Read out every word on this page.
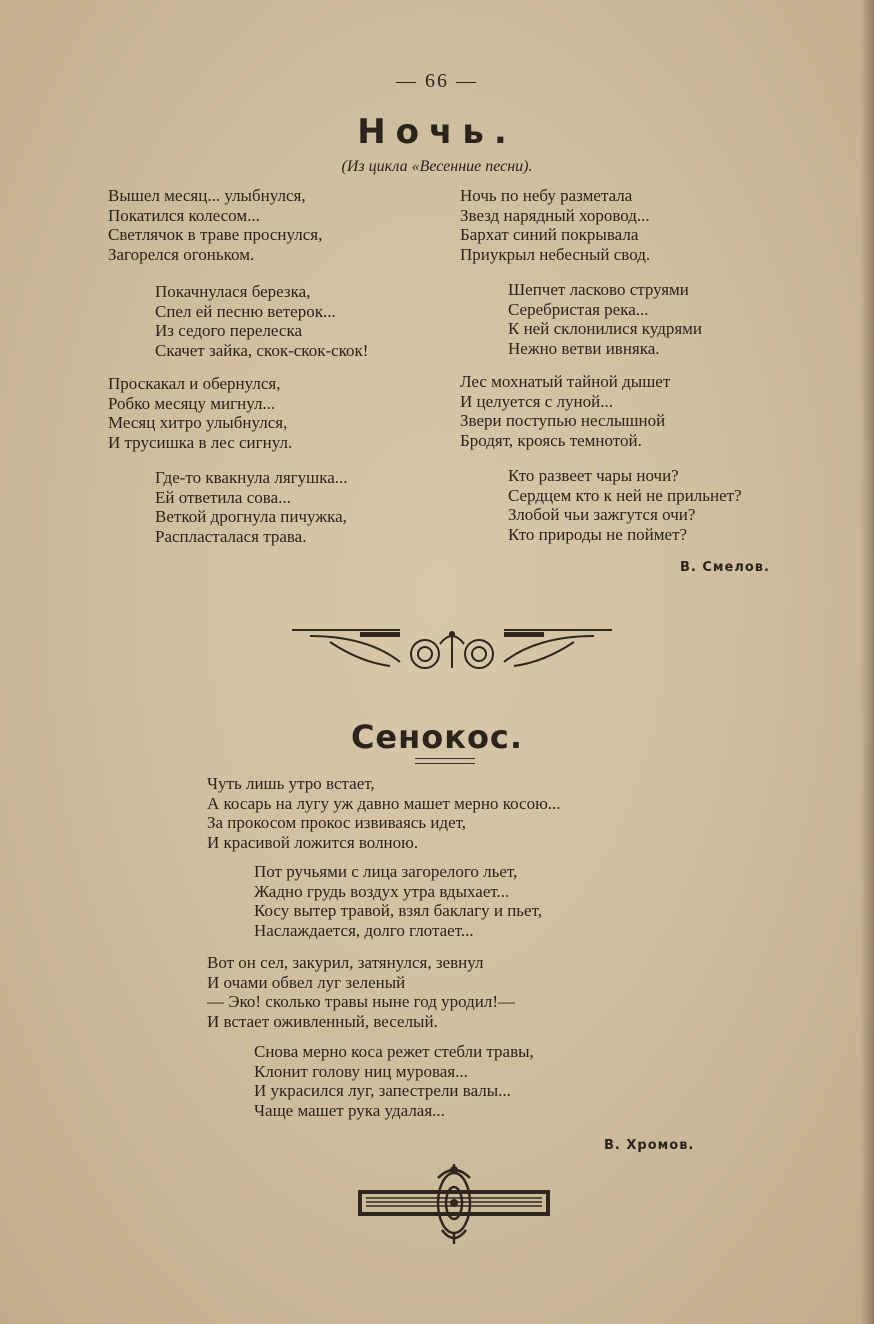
— 66 —
Ночь.
(Из цикла «Весенние песни).
Вышел месяц... улыбнулся,
Покатился колесом...
Светлячок в траве проснулся,
Загорелся огоньком.
Покачнулася березка,
Спел ей песню ветерок...
Из седого перелеска
Скачет зайка, скок-скок-скок!
Проскакал и обернулся,
Робко месяцу мигнул...
Месяц хитро улыбнулся,
И трусишка в лес сигнул.
Где-то квакнула лягушка...
Ей ответила сова...
Веткой дрогнула пичужка,
Распласталася трава.
Ночь по небу разметала
Звезд нарядный хоровод...
Бархат синий покрывала
Приукрыл небесный свод.
Шепчет ласково струями
Серебристая река...
К ней склонилися кудрями
Нежно ветви ивняка.
Лес мохнатый тайной дышет
И целуется с луной...
Звери поступью неслышной
Бродят, кроясь темнотой.
Кто развеет чары ночи?
Сердцем кто к ней не прильнет?
Злобой чьи зажгутся очи?
Кто природы не поймет?
В. Смелов.
Сенокос.
Чуть лишь утро встает,
А косарь на лугу уж давно машет мерно косою...
За прокосом прокос извиваясь идет,
И красивой ложится волною.
Пот ручьями с лица загорелого льет,
Жадно грудь воздух утра вдыхает...
Косу вытер травой, взял баклагу и пьет,
Наслаждается, долго глотает...
Вот он сел, закурил, затянулся, зевнул
И очами обвел луг зеленый
— Эко! сколько травы ныне год уродил!—
И встает оживленный, веселый.
Снова мерно коса режет стебли травы,
Клонит голову ниц муровая...
И украсился луг, запестрели валы...
Чаще машет рука удалая...
В. Хромов.
